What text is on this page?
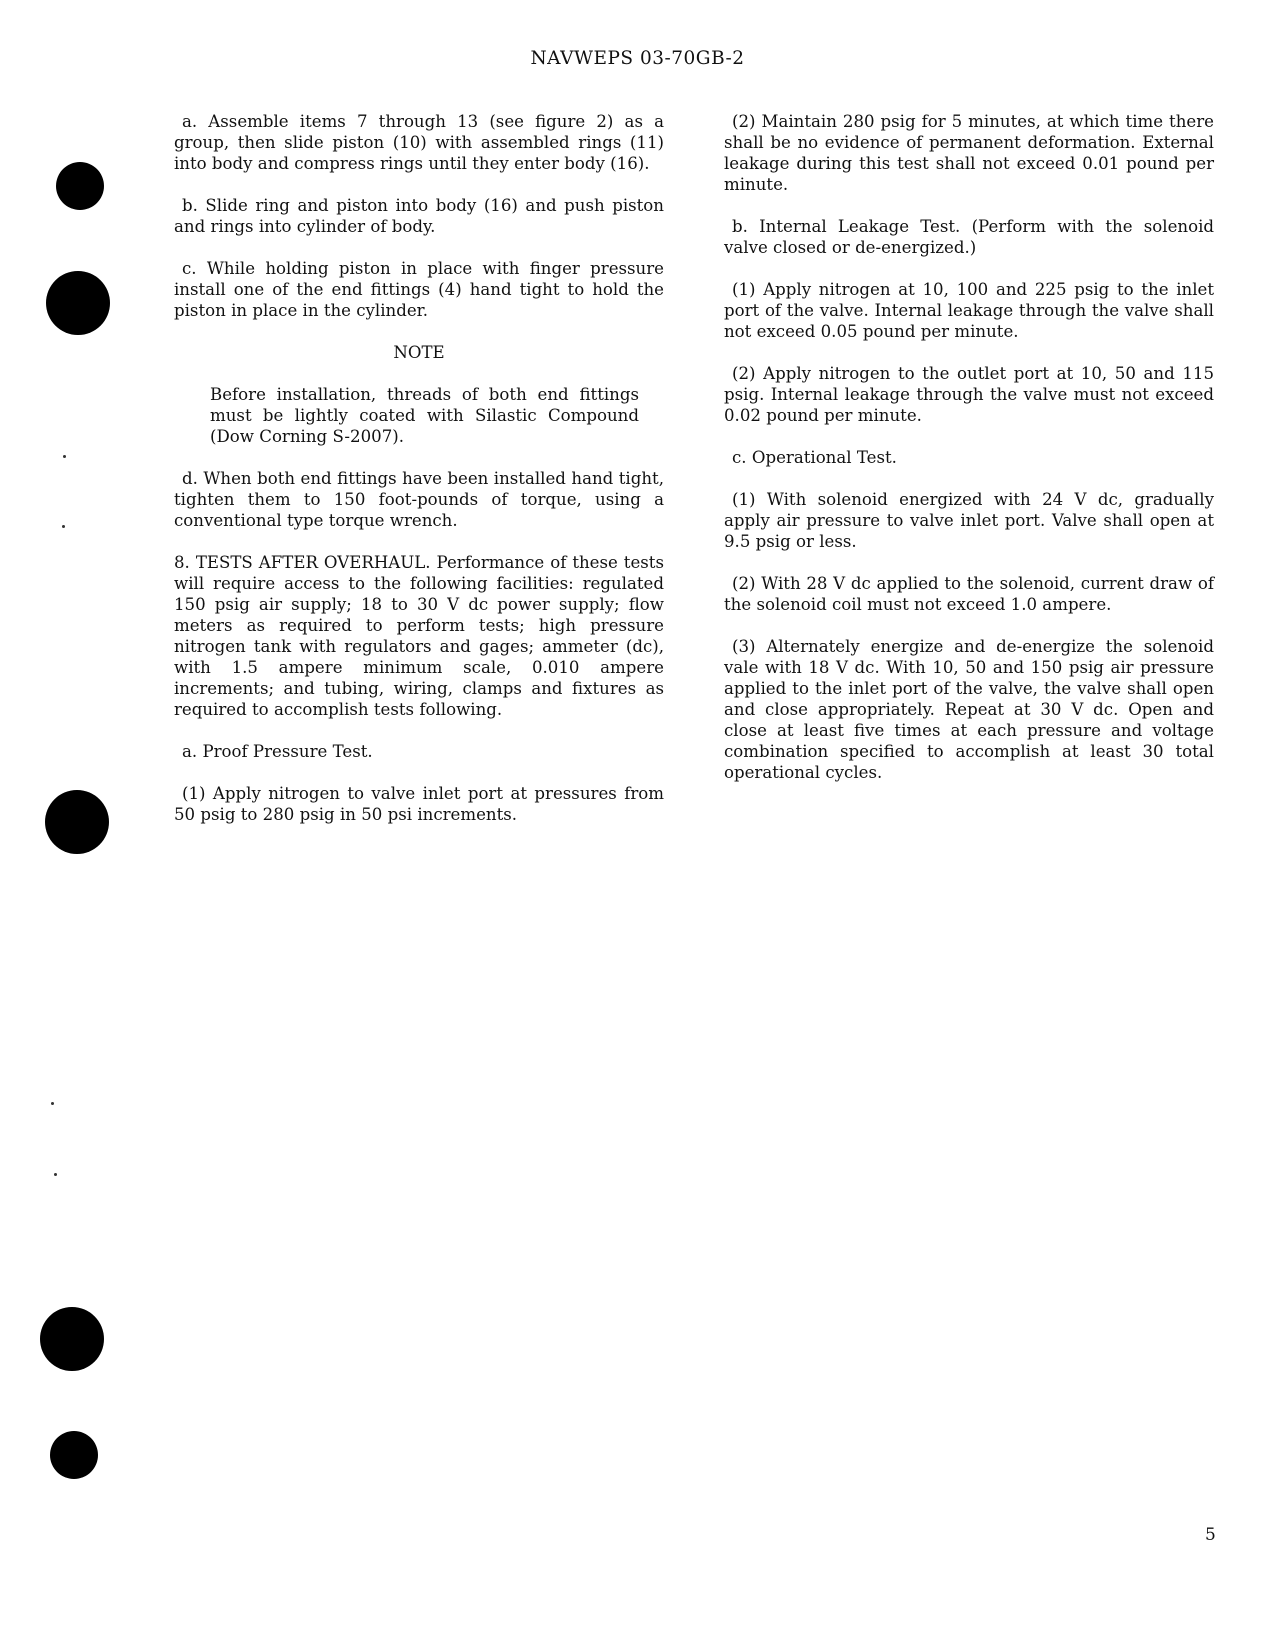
NAVWEPS 03-70GB-2

a. Assemble items 7 through 13 (see figure 2) as a group, then slide piston (10) with assembled rings (11) into body and compress rings until they enter body (16).

b. Slide ring and piston into body (16) and push piston and rings into cylinder of body.

c. While holding piston in place with finger pressure install one of the end fittings (4) hand tight to hold the piston in place in the cylinder.

NOTE

Before installation, threads of both end fittings must be lightly coated with Silastic Compound (Dow Corning S-2007).

d. When both end fittings have been installed hand tight, tighten them to 150 foot-pounds of torque, using a conventional type torque wrench.

8. TESTS AFTER OVERHAUL. Performance of these tests will require access to the following facilities: regulated 150 psig air supply; 18 to 30 V dc power supply; flow meters as required to perform tests; high pressure nitrogen tank with regulators and gages; ammeter (dc), with 1.5 ampere minimum scale, 0.010 ampere increments; and tubing, wiring, clamps and fixtures as required to accomplish tests following.

a. Proof Pressure Test.

(1) Apply nitrogen to valve inlet port at pressures from 50 psig to 280 psig in 50 psi increments.

(2) Maintain 280 psig for 5 minutes, at which time there shall be no evidence of permanent deformation. External leakage during this test shall not exceed 0.01 pound per minute.

b. Internal Leakage Test. (Perform with the solenoid valve closed or de-energized.)

(1) Apply nitrogen at 10, 100 and 225 psig to the inlet port of the valve. Internal leakage through the valve shall not exceed 0.05 pound per minute.

(2) Apply nitrogen to the outlet port at 10, 50 and 115 psig. Internal leakage through the valve must not exceed 0.02 pound per minute.

c. Operational Test.

(1) With solenoid energized with 24 V dc, gradually apply air pressure to valve inlet port. Valve shall open at 9.5 psig or less.

(2) With 28 V dc applied to the solenoid, current draw of the solenoid coil must not exceed 1.0 ampere.

(3) Alternately energize and de-energize the solenoid vale with 18 V dc. With 10, 50 and 150 psig air pressure applied to the inlet port of the valve, the valve shall open and close appropriately. Repeat at 30 V dc. Open and close at least five times at each pressure and voltage combination specified to accomplish at least 30 total operational cycles.

5
